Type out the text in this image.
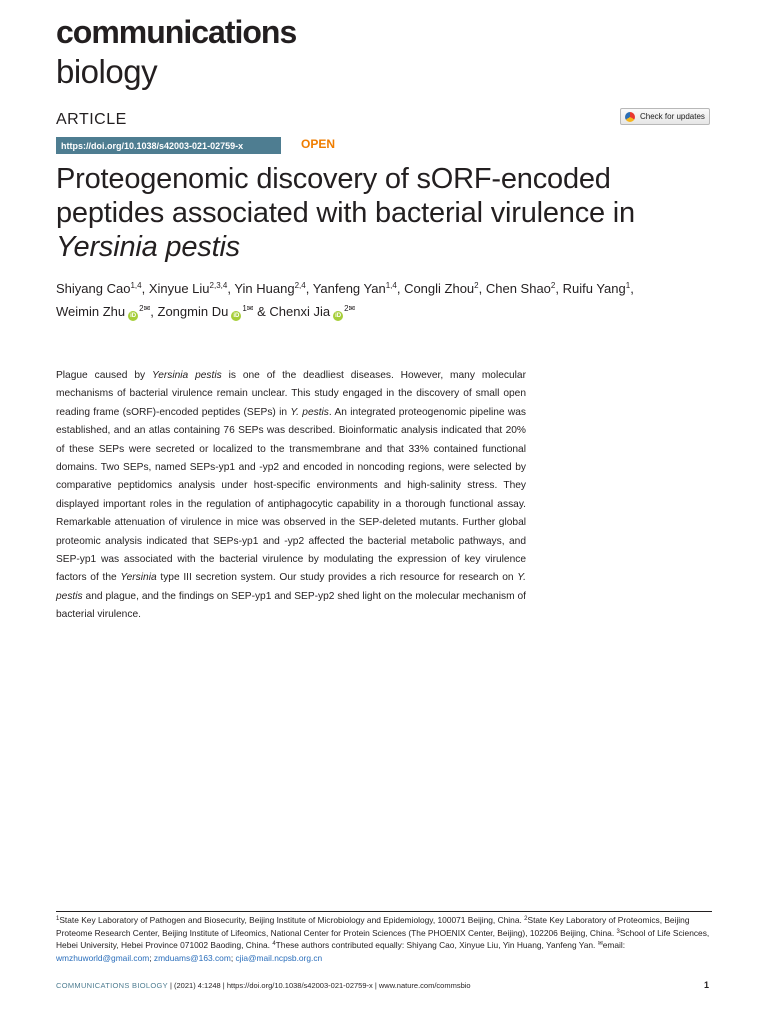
communications
biology
ARTICLE	Check for updates
https://doi.org/10.1038/s42003-021-02759-x	OPEN
Proteogenomic discovery of sORF-encoded
peptides associated with bacterial virulence in
Yersinia pestis
Shiyang Cao$^{1,4}$, Xinyue Liu$^{2,3,4}$, Yin Huang$^{2,4}$, Yanfeng Yan$^{1,4}$, Congli Zhou$^2$, Chen Shao$^2$, Ruifu Yang$^1$,
Weimin Zhu $iD^{2✉}$, Zongmin Du $iD^{1✉}$ & Chenxi Jia $iD^{2✉}$

Plague caused by Yersinia pestis is one of the deadliest diseases. However, many molecular mechanisms of bacterial virulence remain unclear. This study engaged in the discovery of small open reading frame (sORF)-encoded peptides (SEPs) in Y. pestis. An integrated proteogenomic pipeline was established, and an atlas containing 76 SEPs was described. Bioinformatic analysis indicated that 20% of these SEPs were secreted or localized to the transmembrane and that 33% contained functional domains. Two SEPs, named SEPs-yp1 and -yp2 and encoded in noncoding regions, were selected by comparative peptidomics analysis under host-specific environments and high-salinity stress. They displayed important roles in the regulation of antiphagocytic capability in a thorough functional assay. Remarkable attenuation of virulence in mice was observed in the SEP-deleted mutants. Further global proteomic analysis indicated that SEPs-yp1 and -yp2 affected the bacterial metabolic pathways, and SEP-yp1 was associated with the bacterial virulence by modulating the expression of key virulence factors of the Yersinia type III secretion system. Our study provides a rich resource for research on Y. pestis and plague, and the findings on SEP-yp1 and SEP-yp2 shed light on the molecular mechanism of bacterial virulence.

$^1$State Key Laboratory of Pathogen and Biosecurity, Beijing Institute of Microbiology and Epidemiology, 100071 Beijing, China. $^2$State Key Laboratory of Proteomics, Beijing Proteome Research Center, Beijing Institute of Lifeomics, National Center for Protein Sciences (The PHOENIX Center, Beijing), 102206 Beijing, China. $^3$School of Life Sciences, Hebei University, Hebei Province 071002 Baoding, China. $^4$These authors contributed equally: Shiyang Cao, Xinyue Liu, Yin Huang, Yanfeng Yan. ✉email: wmzhuworld@gmail.com; zmduams@163.com; cjia@mail.ncpsb.org.cn
COMMUNICATIONS BIOLOGY | (2021) 4:1248 | https://doi.org/10.1038/s42003-021-02759-x | www.nature.com/commsbio	1
